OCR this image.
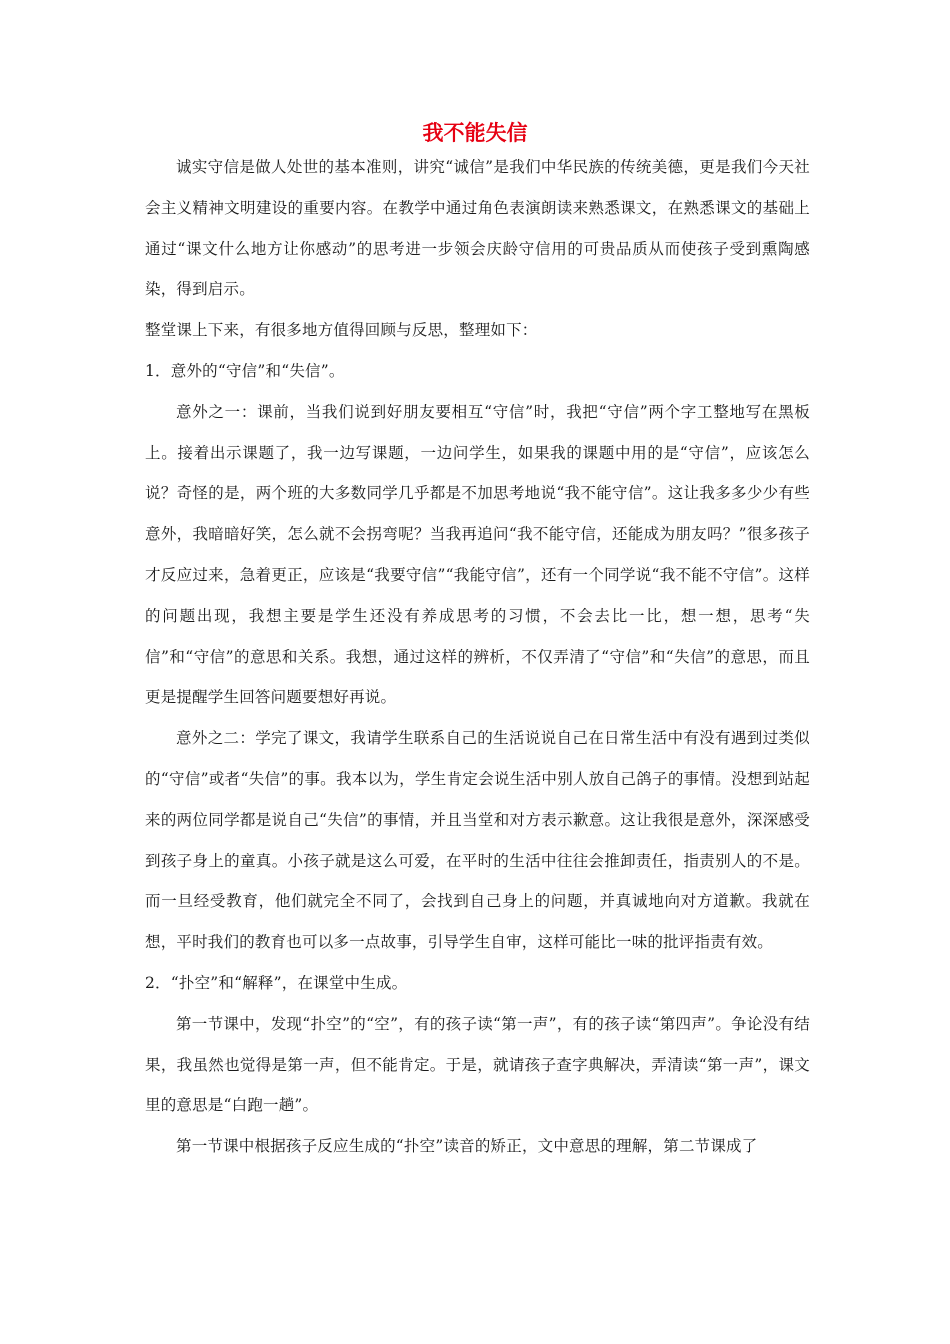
我不能失信

诚实守信是做人处世的基本准则，讲究“诚信”是我们中华民族的传统美德，更是我们今天社会主义精神文明建设的重要内容。在教学中通过角色表演朗读来熟悉课文，在熟悉课文的基础上通过“课文什么地方让你感动”的思考进一步领会庆龄守信用的可贵品质从而使孩子受到熏陶感染，得到启示。

整堂课上下来，有很多地方值得回顾与反思，整理如下：

1．意外的“守信”和“失信”。

意外之一：课前，当我们说到好朋友要相互“守信”时，我把“守信”两个字工整地写在黑板上。接着出示课题了，我一边写课题，一边问学生，如果我的课题中用的是“守信”，应该怎么说？奇怪的是，两个班的大多数同学几乎都是不加思考地说“我不能守信”。这让我多多少少有些意外，我暗暗好笑，怎么就不会拐弯呢？当我再追问“我不能守信，还能成为朋友吗？”很多孩子才反应过来，急着更正，应该是“我要守信”“我能守信”，还有一个同学说“我不能不守信”。这样的问题出现，我想主要是学生还没有养成思考的习惯，不会去比一比，想一想，思考“失信”和“守信”的意思和关系。我想，通过这样的辨析，不仅弄清了“守信”和“失信”的意思，而且更是提醒学生回答问题要想好再说。

意外之二：学完了课文，我请学生联系自己的生活说说自己在日常生活中有没有遇到过类似的“守信”或者“失信”的事。我本以为，学生肯定会说生活中别人放自己鸽子的事情。没想到站起来的两位同学都是说自己“失信”的事情，并且当堂和对方表示歉意。这让我很是意外，深深感受到孩子身上的童真。小孩子就是这么可爱，在平时的生活中往往会推卸责任，指责别人的不是。而一旦经受教育，他们就完全不同了，会找到自己身上的问题，并真诚地向对方道歉。我就在想，平时我们的教育也可以多一点故事，引导学生自审，这样可能比一味的批评指责有效。

2．“扑空”和“解释”，在课堂中生成。

第一节课中，发现“扑空”的“空”，有的孩子读“第一声”，有的孩子读“第四声”。争论没有结果，我虽然也觉得是第一声，但不能肯定。于是，就请孩子查字典解决，弄清读“第一声”，课文里的意思是“白跑一趟”。

第一节课中根据孩子反应生成的“扑空”读音的矫正，文中意思的理解，第二节课成了
